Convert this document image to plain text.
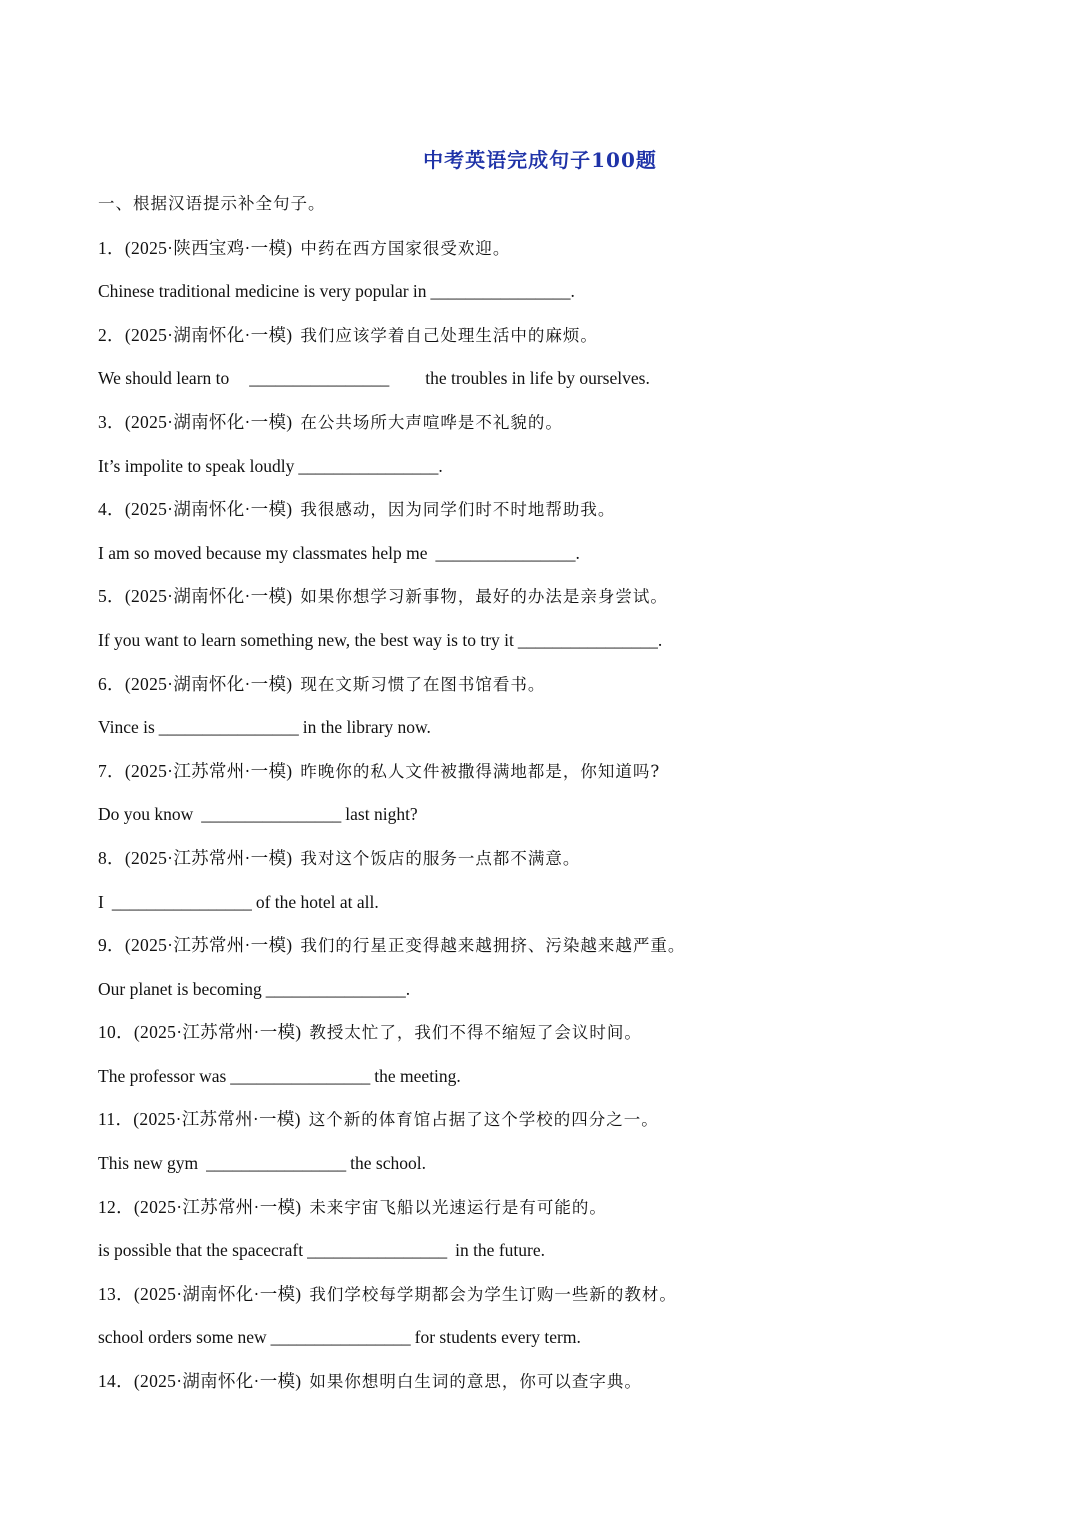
中考英语完成句子100题
一、根据汉语提示补全句子。
1．(2025·陕西宝鸡·一模) 中药在西方国家很受欢迎。
Chinese traditional medicine is very popular in ________________.
2．(2025·湖南怀化·一模) 我们应该学着自己处理生活中的麻烦。
We should learn to ________________ the troubles in life by ourselves.
3．(2025·湖南怀化·一模) 在公共场所大声喧哗是不礼貌的。
It’s impolite to speak loudly ________________.
4．(2025·湖南怀化·一模) 我很感动，因为同学们时不时地帮助我。
I am so moved because my classmates help me ________________.
5．(2025·湖南怀化·一模) 如果你想学习新事物，最好的办法是亲身尝试。
If you want to learn something new, the best way is to try it ________________.
6．(2025·湖南怀化·一模) 现在文斯习惯了在图书馆看书。
Vince is ________________ in the library now.
7．(2025·江苏常州·一模) 昨晚你的私人文件被撒得满地都是，你知道吗?
Do you know ________________ last night?
8．(2025·江苏常州·一模) 我对这个饭店的服务一点都不满意。
I ________________ of the hotel at all.
9．(2025·江苏常州·一模) 我们的行星正变得越来越拥挤、污染越来越严重。
Our planet is becoming ________________.
10．(2025·江苏常州·一模) 教授太忙了，我们不得不缩短了会议时间。
The professor was ________________ the meeting.
11．(2025·江苏常州·一模) 这个新的体育馆占据了这个学校的四分之一。
This new gym ________________ the school.
12．(2025·江苏常州·一模) 未来宇宙飞船以光速运行是有可能的。
is possible that the spacecraft ________________ in the future.
13．(2025·湖南怀化·一模) 我们学校每学期都会为学生订购一些新的教材。
school orders some new ________________ for students every term.
14．(2025·湖南怀化·一模) 如果你想明白生词的意思，你可以查字典。
